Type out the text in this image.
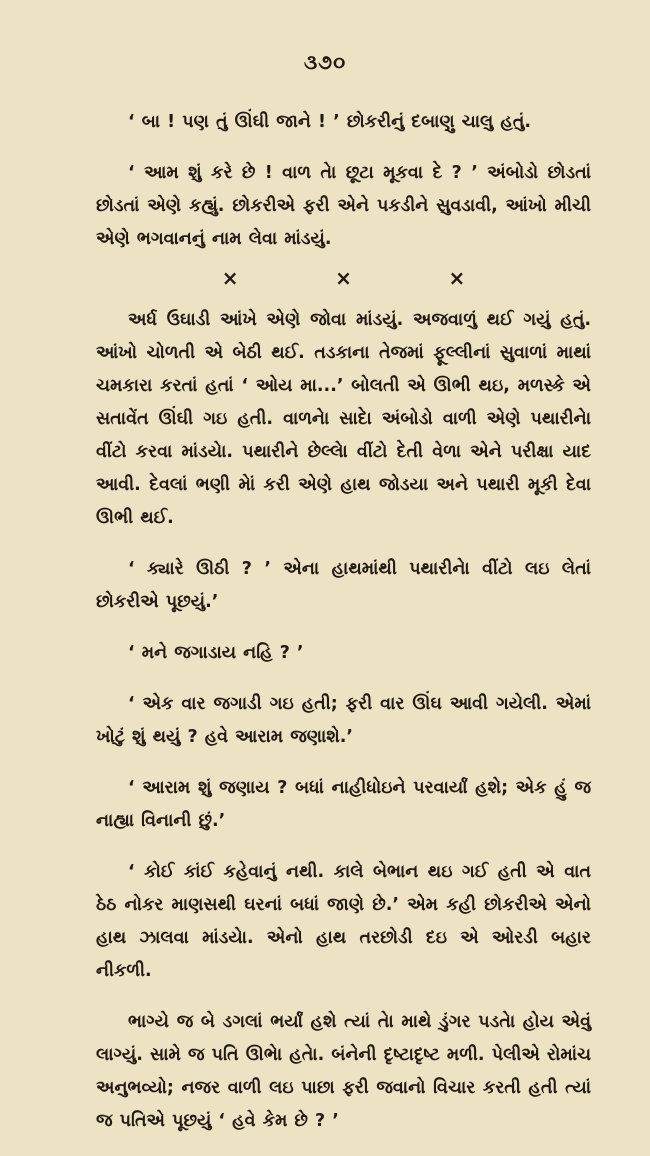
૩૭૦

‘ બા ! પણ તું ઊંઘી જાને ! ’ છોકરીનું દબાણુ ચાલુ હતું.

‘ આમ શું કરે છે ! વાળ તેા છૂટા મૂકવા દે ? ’ અંબોડો છોડતાં છોડતાં એણે કહ્યું. છોકરીએ ફરી એને પકડીને સુવડાવી, આંખો મીચી એણે ભગવાનનું નામ લેવા માંડયું.

×	×	×

અર્ધ ઉઘાડી આંખે એણે જોવા માંડયું. અજવાળું થઈ ગયું હતું. આંખો ચોળતી એ બેઠી થઈ. તડકાના તેજમાં ફૂલ્લીનાં સુવાળાં માથાં ચમકારા કરતાં હતાં ‘ ઓય મા...’ બોલતી એ ઊભી થઇ, મળસ્કે એ સતાવેંત ઊંઘી ગઇ હતી. વાળનેા સાદેા અંબોડો વાળી એણે પથારીનેા વીંટો કરવા માંડયેા. પથારીને છેલ્લેા વીંટો દેતી વેળા એને પરીક્ષા યાદ આવી. દેવલાં ભણી મેાં કરી એણે હાથ જોડયા અને પથારી મૂકી દેવા ઊભી થઈ.

‘ ક્યારે ઊઠી ? ’ એના હાથમાંથી પથારીનેા વીંટો લઇ લેતાં છોકરીએ પૂછયું.’

‘ મને જગાડાય નહિ ? ’

‘ એક વાર જગાડી ગઇ હતી; ફરી વાર ઊંઘ આવી ગયેલી. એમાં ખોટું શું થયું ? હવે આરામ જણાશે.’

‘ આરામ શું જણાય ? બધાં નાહીધોઇને પરવાર્યાં હશે; એક હું જ નાહ્યા વિનાની છું.’

‘ કોઈ કાંઈ કહેવાનું નથી. કાલે બેભાન થઇ ગઈ હતી એ વાત ઠેઠ નોકર માણસથી ઘરનાં બધાં જાણે છે.’ એમ કહી છોકરીએ એનો હાથ ઝાલવા માંડયેા. એનો હાથ તરછોડી દઇ એ ઓરડી બહાર નીકળી.

ભાગ્યે જ બે ડગલાં ભર્યાં હશે ત્યાં તેા માથે ડુંગર પડતેા હોય એવું લાગ્યું. સામે જ પતિ ઊભેા હતેા. બંનેની દૃષ્ટાદૃષ્ટ મળી. પેલીએ રોમાંચ અનુભવ્યો; નજર વાળી લઇ પાછા ફરી જવાનો વિચાર કરતી હતી ત્યાં જ પતિએ પૂછયું ‘ હવે કેમ છે ? ’
